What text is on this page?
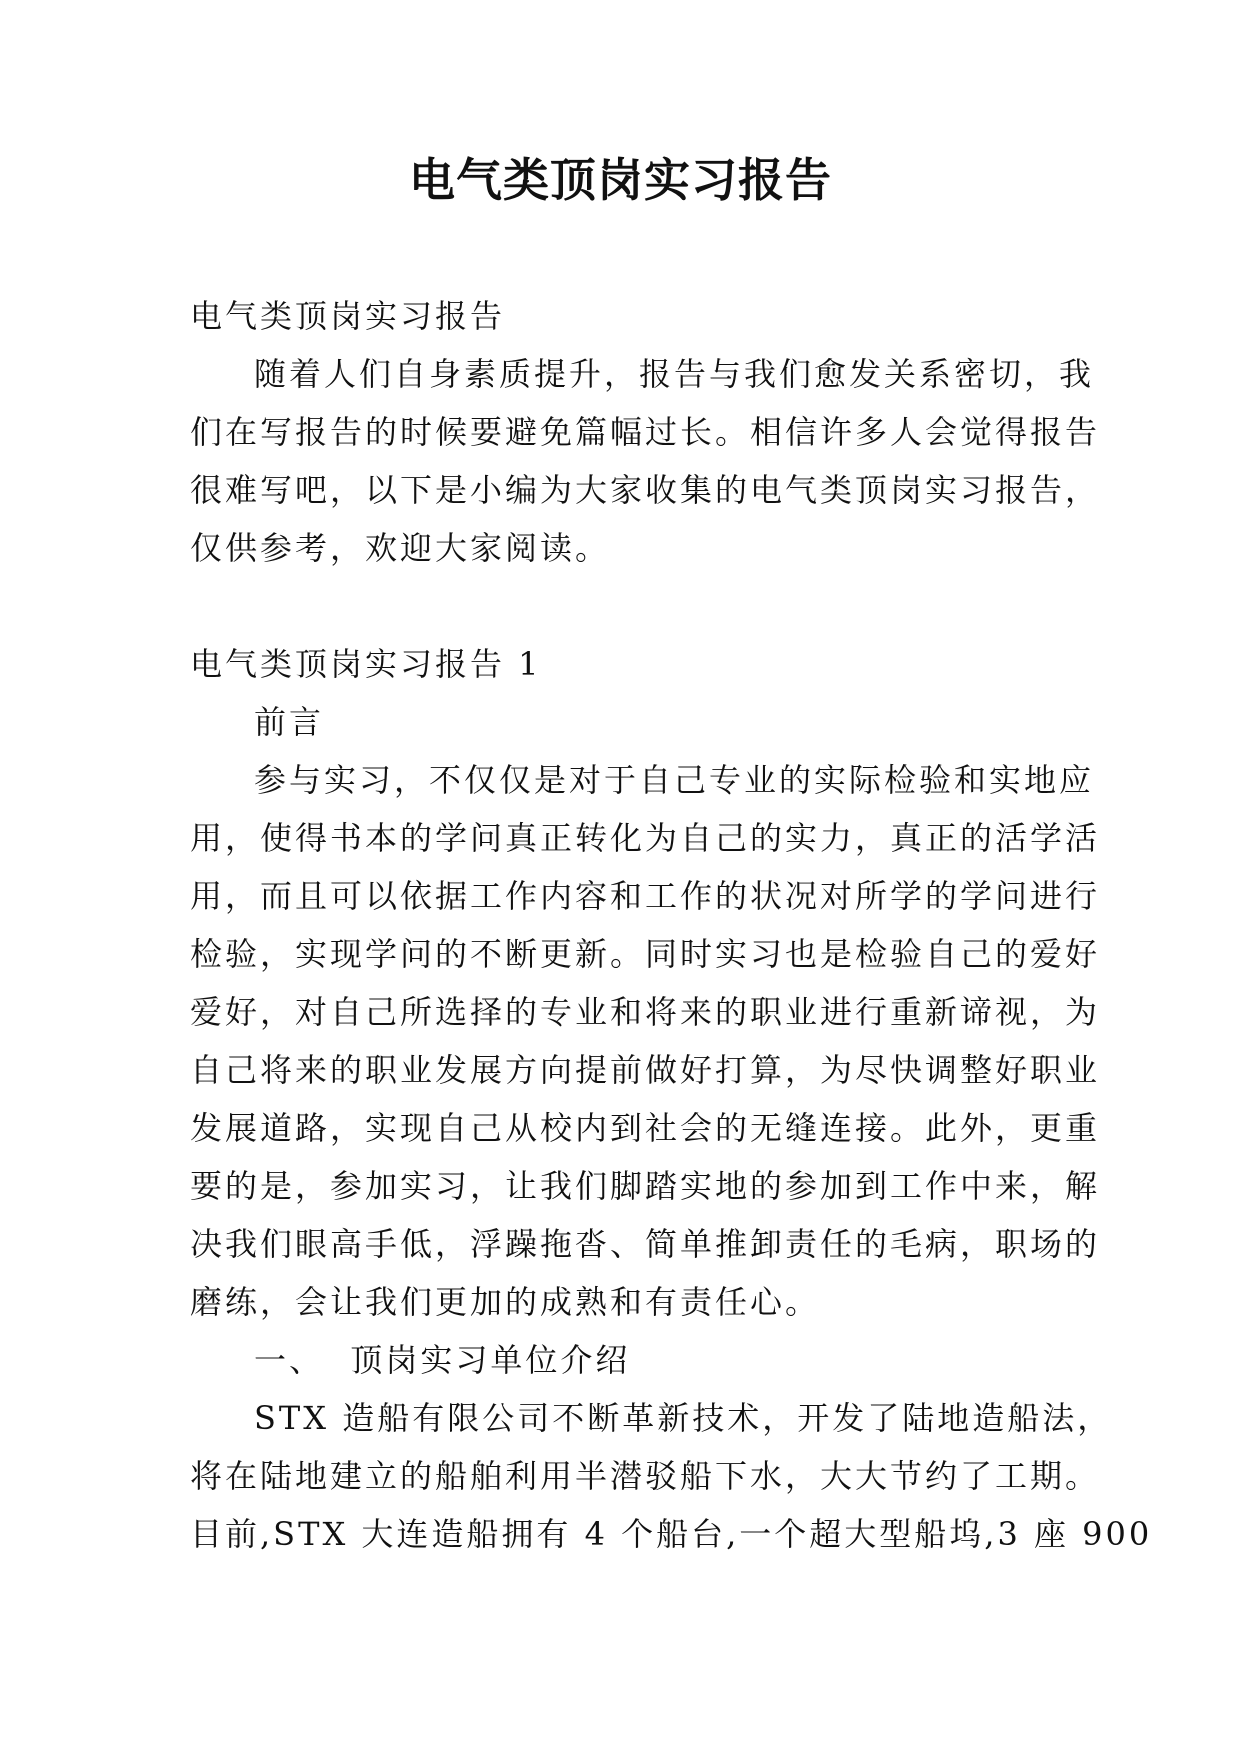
电气类顶岗实习报告

电气类顶岗实习报告

随着人们自身素质提升，报告与我们愈发关系密切，我

们在写报告的时候要避免篇幅过长。相信许多人会觉得报告
很难写吧，以下是小编为大家收集的电气类顶岗实习报告，
仅供参考，欢迎大家阅读。

电气类顶岗实习报告 1

前言

参与实习，不仅仅是对于自己专业的实际检验和实地应

用，使得书本的学问真正转化为自己的实力，真正的活学活
用，而且可以依据工作内容和工作的状况对所学的学问进行
检验，实现学问的不断更新。同时实习也是检验自己的爱好
爱好，对自己所选择的专业和将来的职业进行重新谛视，为
自己将来的职业发展方向提前做好打算，为尽快调整好职业
发展道路，实现自己从校内到社会的无缝连接。此外，更重
要的是，参加实习，让我们脚踏实地的参加到工作中来，解
决我们眼高手低，浮躁拖沓、简单推卸责任的毛病，职场的
磨练，会让我们更加的成熟和有责任心。

一、  顶岗实习单位介绍

STX 造船有限公司不断革新技术，开发了陆地造船法，

将在陆地建立的船舶利用半潜驳船下水，大大节约了工期。
目前,STX 大连造船拥有 4 个船台,一个超大型船坞,3 座 900
